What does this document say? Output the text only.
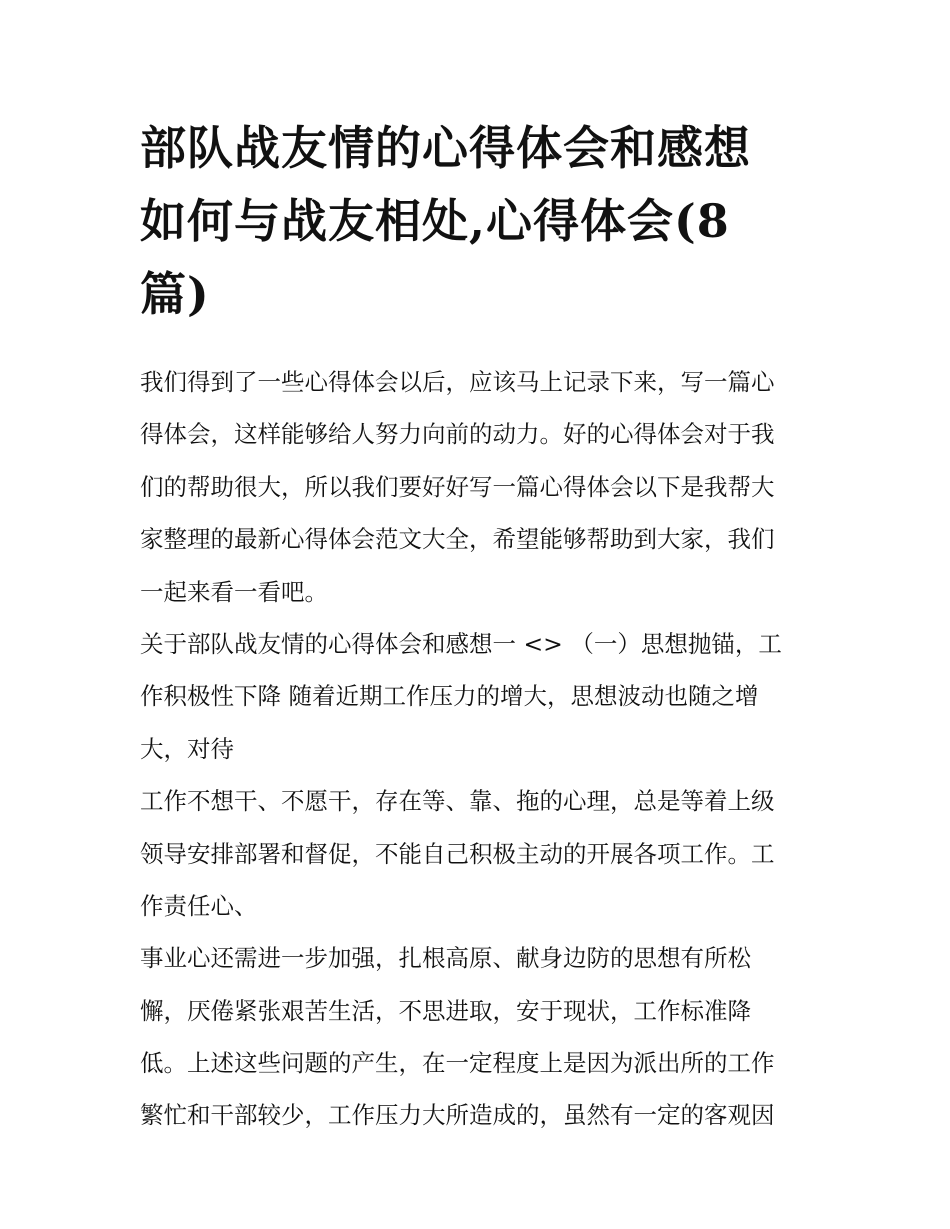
部队战友情的心得体会和感想
如何与战友相处,心得体会(8
篇)
我们得到了一些心得体会以后，应该马上记录下来，写一篇心
得体会，这样能够给人努力向前的动力。好的心得体会对于我
们的帮助很大，所以我们要好好写一篇心得体会以下是我帮大
家整理的最新心得体会范文大全，希望能够帮助到大家，我们
一起来看一看吧。
关于部队战友情的心得体会和感想一 <> （一）思想抛锚，工
作积极性下降 随着近期工作压力的增大，思想波动也随之增
大，对待
工作不想干、不愿干，存在等、靠、拖的心理，总是等着上级
领导安排部署和督促，不能自己积极主动的开展各项工作。工
作责任心、
事业心还需进一步加强，扎根高原、献身边防的思想有所松
懈，厌倦紧张艰苦生活，不思进取，安于现状，工作标准降
低。上述这些问题的产生，在一定程度上是因为派出所的工作
繁忙和干部较少，工作压力大所造成的，虽然有一定的客观因
